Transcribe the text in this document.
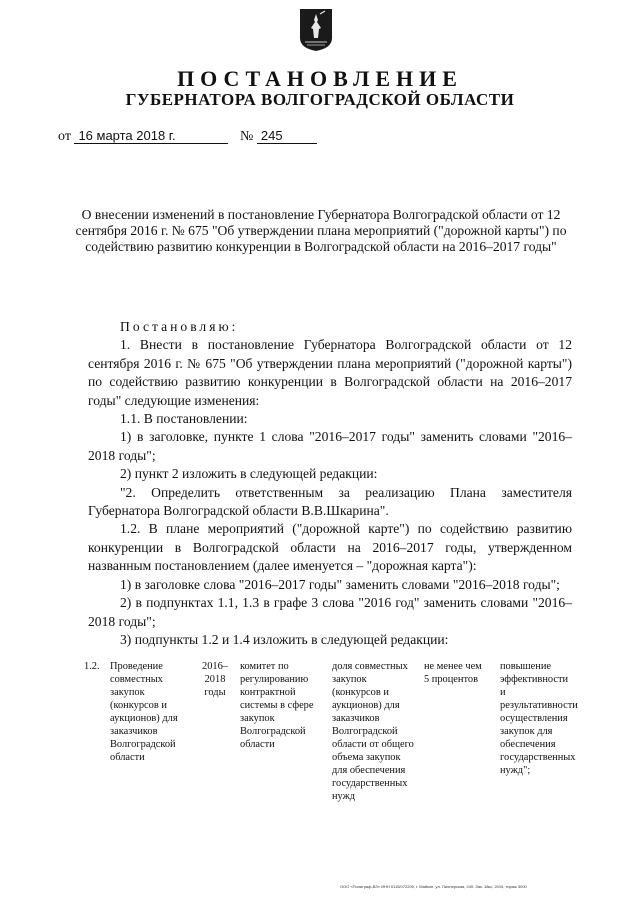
ПОСТАНОВЛЕНИЕ
ГУБЕРНАТОРА ВОЛГОГРАДСКОЙ ОБЛАСТИ
от 16 марта 2018 г.	№ 245
О внесении изменений в постановление Губернатора Волгоградской области от 12 сентября 2016 г. № 675 "Об утверждении плана мероприятий ("дорожной карты") по содействию развитию конкуренции в Волгоградской области на 2016–2017 годы"

Постановляю:

1. Внести в постановление Губернатора Волгоградской области от 12 сентября 2016 г. № 675 "Об утверждении плана мероприятий ("дорожной карты") по содействию развитию конкуренции в Волгоградской области на 2016–2017 годы" следующие изменения:

1.1. В постановлении:

1) в заголовке, пункте 1 слова "2016–2017 годы" заменить словами "2016–2018 годы";

2) пункт 2 изложить в следующей редакции:

"2. Определить ответственным за реализацию Плана заместителя Губернатора Волгоградской области В.В.Шкарина".

1.2. В плане мероприятий ("дорожной карте") по содействию развитию конкуренции в Волгоградской области на 2016–2017 годы, утвержденном названным постановлением (далее именуется – "дорожная карта"):

1) в заголовке слова "2016–2017 годы" заменить словами "2016–2018 годы";

2) в подпунктах 1.1, 1.3 в графе 3 слова "2016 год" заменить словами "2016–2018 годы";

3) подпункты 1.2 и 1.4 изложить в следующей редакции:

1.2.	Проведение совместных закупок (конкурсов и аукционов) для заказчиков Волгоградской области
2016–2018 годы
комитет по регулированию контрактной системы в сфере закупок Волгоградской области
доля совместных закупок (конкурсов и аукционов) для заказчиков Волгоградской области от общего объема закупок для обеспечения государственных нужд
не менее чем 5 процентов
повышение эффективности и результативности осуществления закупок для обеспечения государственных нужд";
ООО «Полиграф-ВЗ» ИНН 0115/072209, г. Майкоп, ул. Пионерская, 249. Зак. 18кс, 2015, тираж 3000
